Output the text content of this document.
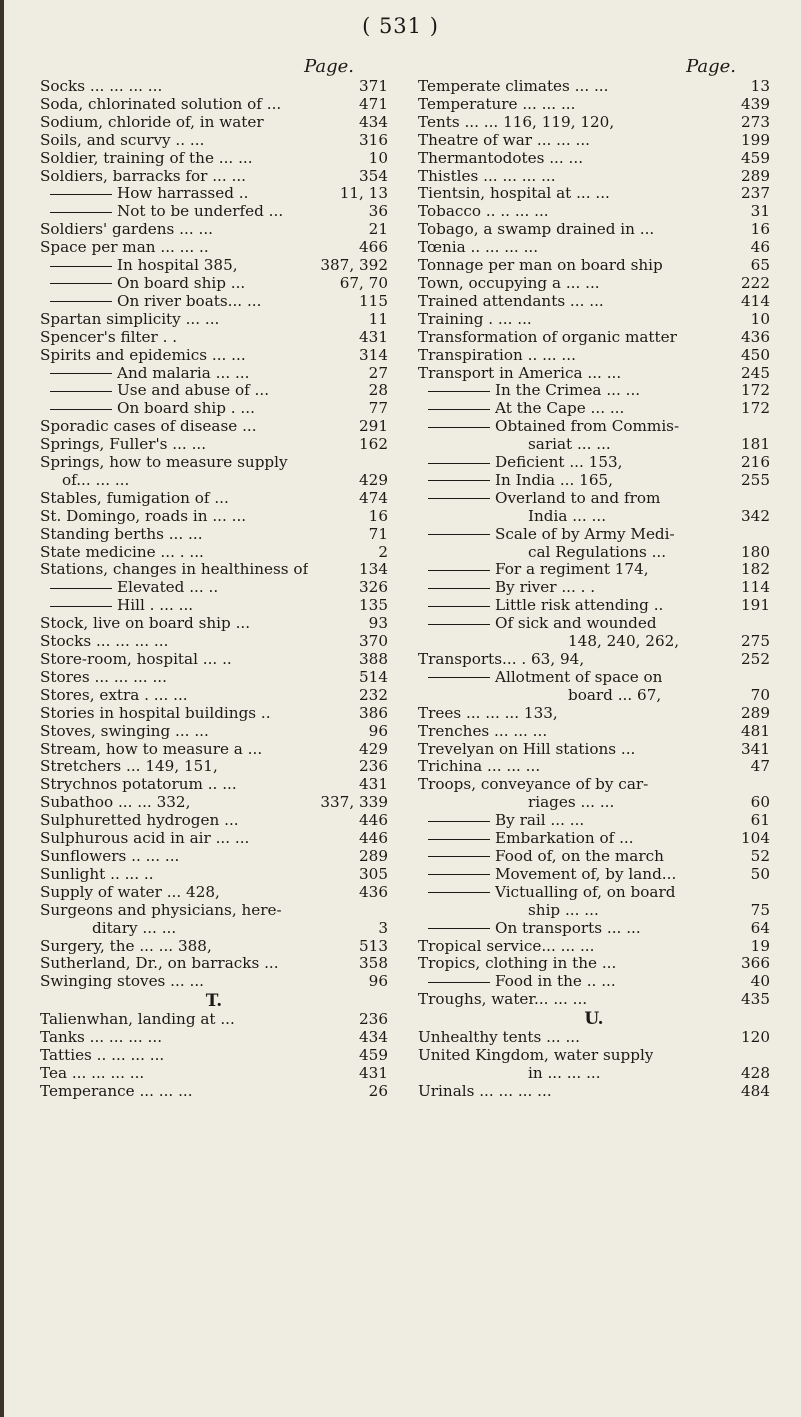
( 531 )
Page.
Socks ... ... ... ...	371
Soda, chlorinated solution of ...	471
Sodium, chloride of, in water	434
Soils, and scurvy .. ...	316
Soldier, training of the ... ...	10
Soldiers, barracks for ... ...	354
How harrassed ..	11, 13
Not to be underfed ...	36
Soldiers' gardens ... ...	21
Space per man ... ... ..	466
In hospital 385,	387, 392
On board ship ...	67, 70
On river boats... ...	115
Spartan simplicity ... ...	11
Spencer's filter . .	431
Spirits and epidemics ... ...	314
And malaria ... ...	27
Use and abuse of ...	28
On board ship . ...	77
Sporadic cases of disease ...	291
Springs, Fuller's ... ...	162
Springs, how to measure supply
of... ... ...	429
Stables, fumigation of ...	474
St. Domingo, roads in ... ...	16
Standing berths ... ...	71
State medicine ... . ...	2
Stations, changes in healthiness of	134
Elevated ... ..	326
Hill . ... ...	135
Stock, live on board ship ...	93
Stocks ... ... ... ...	370
Store-room, hospital ... ..	388
Stores ... ... ... ...	514
Stores, extra . ... ...	232
Stories in hospital buildings ..	386
Stoves, swinging ... ...	96
Stream, how to measure a ...	429
Stretchers ... 149, 151,	236
Strychnos potatorum .. ...	431
Subathoo ... ... 332,	337, 339
Sulphuretted hydrogen ...	446
Sulphurous acid in air ... ...	446
Sunflowers .. ... ...	289
Sunlight .. ... ..	305
Supply of water ... 428,	436
Surgeons and physicians, here-
ditary ... ...	3
Surgery, the ... ... 388,	513
Sutherland, Dr., on barracks ...	358
Swinging stoves ... ...	96
T.
Talienwhan, landing at ...	236
Tanks ... ... ... ...	434
Tatties .. ... ... ...	459
Tea ... ... ... ...	431
Temperance ... ... ...	26
Page.
Temperate climates ... ...	13
Temperature ... ... ...	439
Tents ... ... 116, 119, 120,	273
Theatre of war ... ... ...	199
Thermantodotes ... ...	459
Thistles ... ... ... ...	289
Tientsin, hospital at ... ...	237
Tobacco .. .. ... ...	31
Tobago, a swamp drained in ...	16
Tœnia .. ... ... ...	46
Tonnage per man on board ship	65
Town, occupying a ... ...	222
Trained attendants ... ...	414
Training . ... ...	10
Transformation of organic matter	436
Transpiration .. ... ...	450
Transport in America ... ...	245
In the Crimea ... ...	172
At the Cape ... ...	172
Obtained from Commis-
sariat ... ...	181
Deficient ... 153,	216
In India ... 165,	255
Overland to and from
India ... ...	342
Scale of by Army Medi-
cal Regulations ...	180
For a regiment 174,	182
By river ... . .	114
Little risk attending ..	191
Of sick and wounded
148, 240, 262,	275
Transports... . 63, 94,	252
Allotment of space on
board ... 67,	70
Trees ... ... ... 133,	289
Trenches ... ... ...	481
Trevelyan on Hill stations ...	341
Trichina ... ... ...	47
Troops, conveyance of by car-
riages ... ...	60
By rail ... ...	61
Embarkation of ...	104
Food of, on the march	52
Movement of, by land...	50
Victualling of, on board
ship ... ...	75
On transports ... ...	64
Tropical service... ... ...	19
Tropics, clothing in the ...	366
Food in the .. ...	40
Troughs, water... ... ...	435
U.
Unhealthy tents ... ...	120
United Kingdom, water supply
in ... ... ...	428
Urinals ... ... ... ...	484
